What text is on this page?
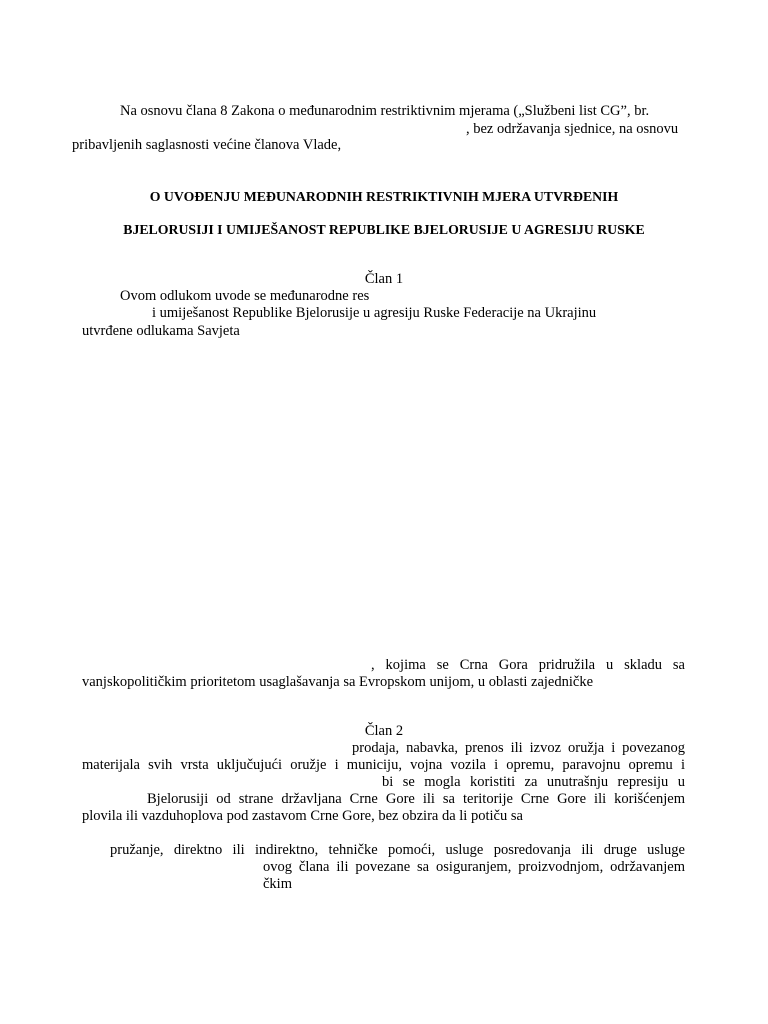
Na osnovu člana 8 Zakona o međunarodnim restriktivnim mjerama („Službeni list CG”, br.
, bez održavanja sjednice, na osnovu
pribavljenih saglasnosti većine članova Vlade,
O UVOĐENJU MEĐUNARODNIH RESTRIKTIVNIH MJERA UTVRĐENIH
BJELORUSIJI I UMIJEŠANOST REPUBLIKE BJELORUSIJE U AGRESIJU RUSKE
Član 1
Ovom odlukom uvode se međunarodne res
i umiješanost Republike Bjelorusije u agresiju Ruske Federacije na Ukrajinu
utvrđene odlukama Savjeta
, kojima se Crna Gora pridružila u skladu sa
vanjskopolitičkim prioritetom usaglašavanja sa Evropskom unijom, u oblasti zajedničke
Član 2
prodaja, nabavka, prenos ili izvoz oružja i povezanog
materijala svih vrsta uključujući oružje i municiju, vojna vozila i opremu, paravojnu opremu i
bi se mogla koristiti za unutrašnju represiju u
Bjelorusiji od strane državljana Crne Gore ili sa teritorije Crne Gore ili korišćenjem
plovila ili vazduhoplova pod zastavom Crne Gore, bez obzira da li potiču sa
pružanje, direktno ili indirektno, tehničke pomoći, usluge posredovanja ili druge usluge
ovog člana ili povezane sa osiguranjem, proizvodnjom, održavanjem
čkim
